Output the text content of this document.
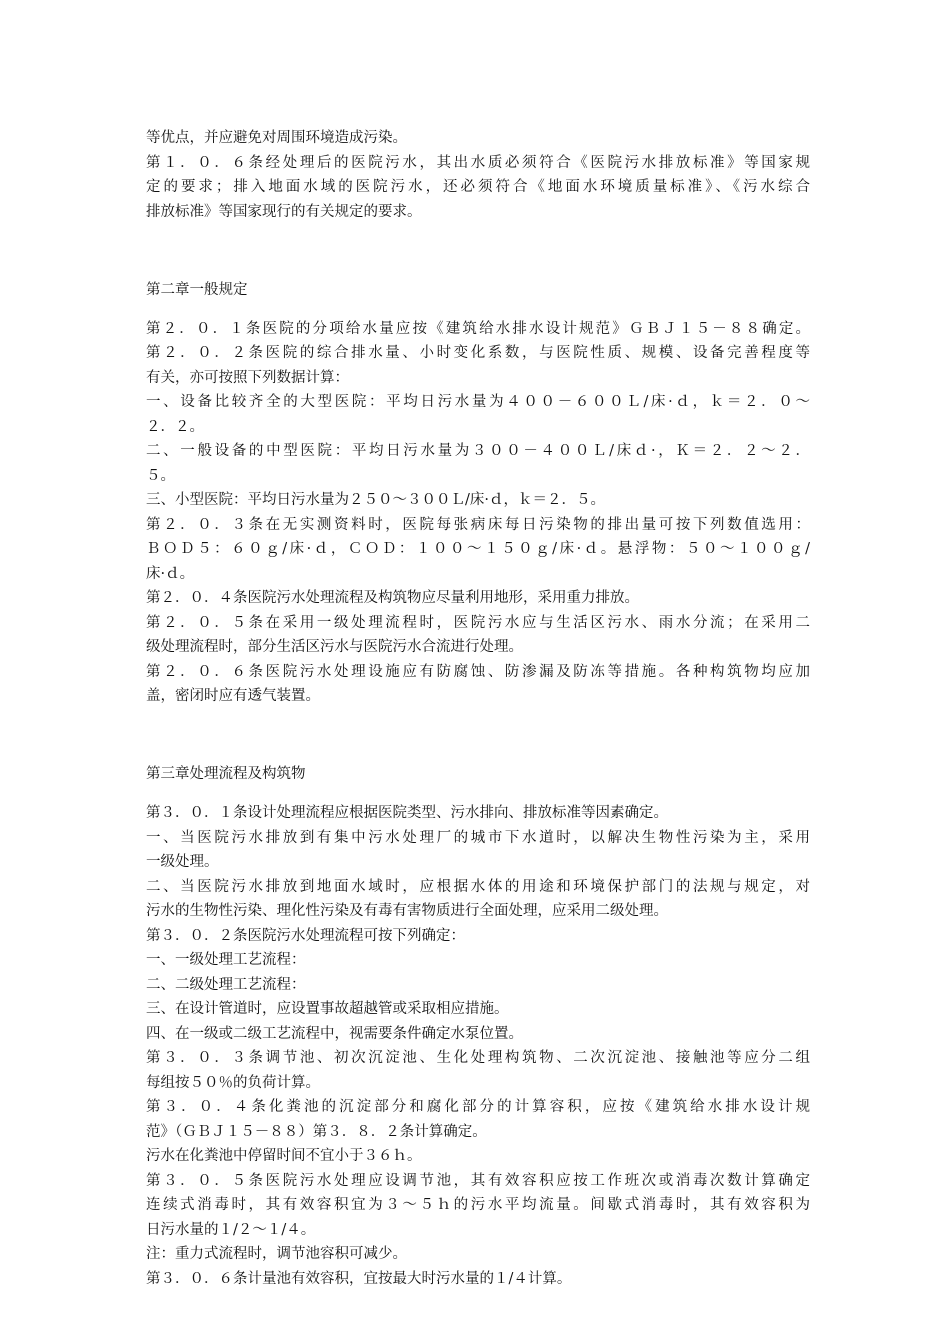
等优点，并应避免对周围环境造成污染。

第１．０．６条经处理后的医院污水，其出水质必须符合《医院污水排放标准》等国家规

定的要求；排入地面水域的医院污水，还必须符合《地面水环境质量标准》、《污水综合

排放标准》等国家现行的有关规定的要求。

第二章一般规定

第２．０．１条医院的分项给水量应按《建筑给水排水设计规范》ＧＢＪ１５－８８确定。

第２．０．２条医院的综合排水量、小时变化系数，与医院性质、规模、设备完善程度等

有关，亦可按照下列数据计算：

一、设备比较齐全的大型医院：平均日污水量为４００－６００Ｌ/床·ｄ，ｋ＝２．０～

２．２。

二、一般设备的中型医院：平均日污水量为３００－４００Ｌ/床ｄ·，Ｋ＝２．２～２．

５。

三、小型医院：平均日污水量为２５０～３００Ｌ/床·ｄ，ｋ＝２．５。

第２．０．３条在无实测资料时，医院每张病床每日污染物的排出量可按下列数值选用：

ＢＯＤ５：６０ｇ/床·ｄ，ＣＯＤ：１００～１５０ｇ/床·ｄ。悬浮物：５０～１００ｇ/

床·ｄ。

第２．０．４条医院污水处理流程及构筑物应尽量利用地形，采用重力排放。

第２．０．５条在采用一级处理流程时，医院污水应与生活区污水、雨水分流；在采用二

级处理流程时，部分生活区污水与医院污水合流进行处理。

第２．０．６条医院污水处理设施应有防腐蚀、防渗漏及防冻等措施。各种构筑物均应加

盖，密闭时应有透气装置。

第三章处理流程及构筑物

第３．０．１条设计处理流程应根据医院类型、污水排向、排放标准等因素确定。

一、当医院污水排放到有集中污水处理厂的城市下水道时，以解决生物性污染为主，采用

一级处理。

二、当医院污水排放到地面水域时，应根据水体的用途和环境保护部门的法规与规定，对

污水的生物性污染、理化性污染及有毒有害物质进行全面处理，应采用二级处理。

第３．０．２条医院污水处理流程可按下列确定：

一、一级处理工艺流程：

二、二级处理工艺流程：

三、在设计管道时，应设置事故超越管或采取相应措施。

四、在一级或二级工艺流程中，视需要条件确定水泵位置。

第３．０．３条调节池、初次沉淀池、生化处理构筑物、二次沉淀池、接触池等应分二组

每组按５０％的负荷计算。

第３．０．４条化粪池的沉淀部分和腐化部分的计算容积，应按《建筑给水排水设计规

范》（ＧＢＪ１５－８８）第３．８．２条计算确定。

污水在化粪池中停留时间不宜小于３６ｈ。

第３．０．５条医院污水处理应设调节池，其有效容积应按工作班次或消毒次数计算确定

连续式消毒时，其有效容积宜为３～５ｈ的污水平均流量。间歇式消毒时，其有效容积为

日污水量的１/２～１/４。

注：重力式流程时，调节池容积可减少。

第３．０．６条计量池有效容积，宜按最大时污水量的１/４计算。
